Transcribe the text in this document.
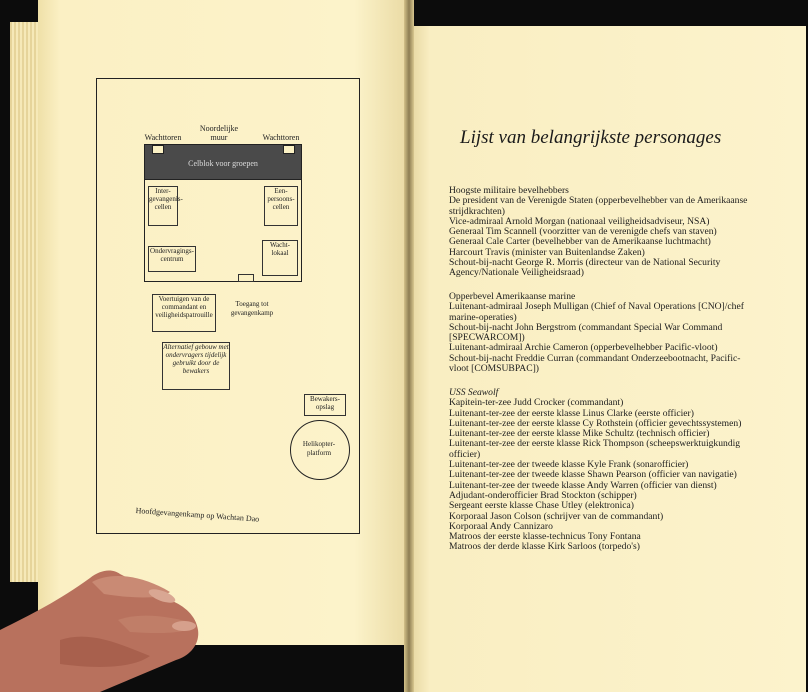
Noordelijke muur
Wachttoren	Wachttoren
Celblok voor groepen
Inter-gevangenis-cellen
Een-persoons-cellen
Ondervragings-centrum
Wacht-lokaal
Toegang tot gevangenkamp
Voertuigen van de commandant en veiligheidspatrouille
Alternatief gebouw met ondervragers tijdelijk gebruikt door de bewakers
Bewakers-opslag
Helikopter-platform
Hoofdgevangenkamp op Wachtan Dao
Lijst van belangrijkste personages
Hoogste militaire bevelhebbers
De president van de Verenigde Staten (opperbevelhebber van de Amerikaanse strijdkrachten)
Vice-admiraal Arnold Morgan (nationaal veiligheidsadviseur, NSA)
Generaal Tim Scannell (voorzitter van de verenigde chefs van staven)
Generaal Cale Carter (bevelhebber van de Amerikaanse luchtmacht)
Harcourt Travis (minister van Buitenlandse Zaken)
Schout-bij-nacht George R. Morris (directeur van de National Security Agency/Nationale Veiligheidsraad)
Opperbevel Amerikaanse marine
Luitenant-admiraal Joseph Mulligan (Chief of Naval Operations [CNO]/chef marine-operaties)
Schout-bij-nacht John Bergstrom (commandant Special War Command [SPECWARCOM])
Luitenant-admiraal Archie Cameron (opperbevelhebber Pacific-vloot)
Schout-bij-nacht Freddie Curran (commandant Onderzeebootnacht, Pacific-vloot [COMSUBPAC])
USS Seawolf
Kapitein-ter-zee Judd Crocker (commandant)
Luitenant-ter-zee der eerste klasse Linus Clarke (eerste officier)
Luitenant-ter-zee der eerste klasse Cy Rothstein (officier gevechtssystemen)
Luitenant-ter-zee der eerste klasse Mike Schultz (technisch officier)
Luitenant-ter-zee der eerste klasse Rick Thompson (scheepswerktuigkundig officier)
Luitenant-ter-zee der tweede klasse Kyle Frank (sonarofficier)
Luitenant-ter-zee der tweede klasse Shawn Pearson (officier van navigatie)
Luitenant-ter-zee der tweede klasse Andy Warren (officier van dienst)
Adjudant-onderofficier Brad Stockton (schipper)
Sergeant eerste klasse Chase Utley (elektronica)
Korporaal Jason Colson (schrijver van de commandant)
Korporaal Andy Cannizaro
Matroos der eerste klasse-technicus Tony Fontana
Matroos der derde klasse Kirk Sarloos (torpedo's)
